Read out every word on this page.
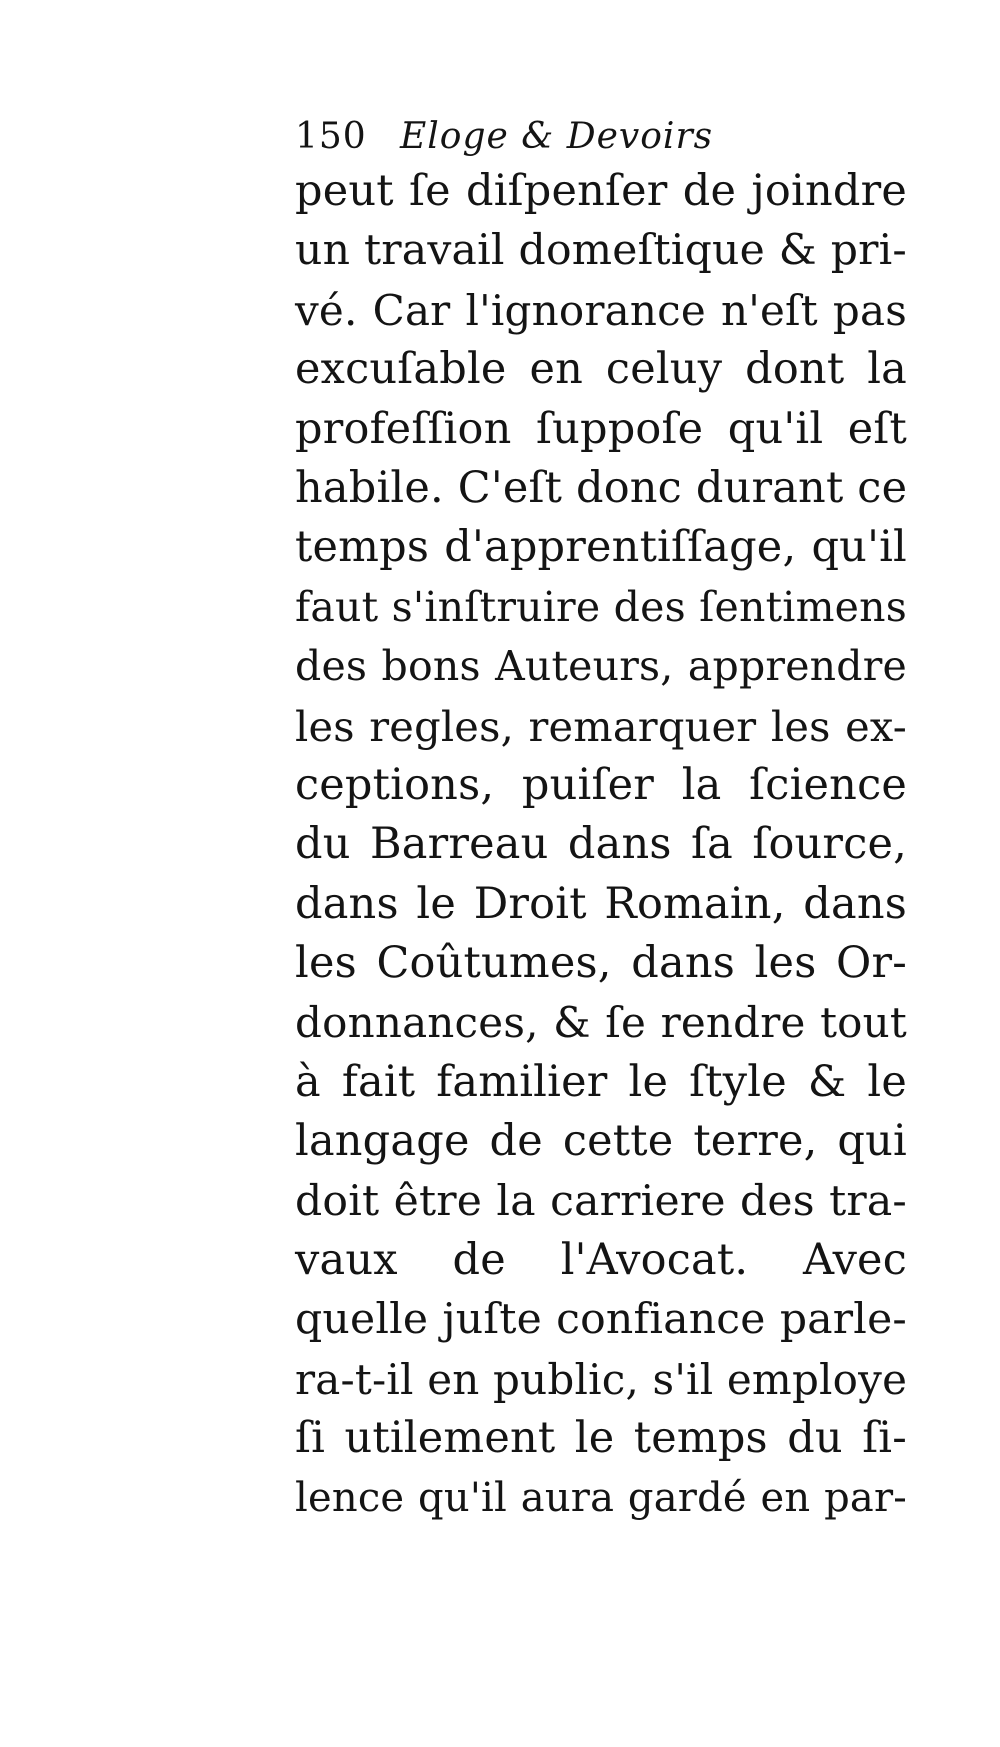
150 Eloge & Devoirs
peut ſe diſpenſer de joindre
un travail domeſtique & pri-
vé. Car l'ignorance n'eſt pas
excuſable en celuy dont la
profeſſion ſuppoſe qu'il eſt
habile. C'eſt donc durant ce
temps d'apprentiſſage, qu'il
faut s'inſtruire des ſentimens
des bons Auteurs, apprendre
les regles, remarquer les ex-
ceptions, puiſer la ſcience
du Barreau dans ſa ſource,
dans le Droit Romain, dans
les Coûtumes, dans les Or-
donnances, & ſe rendre tout
à fait familier le ſtyle & le
langage de cette terre, qui
doit être la carriere des tra-
vaux de l'Avocat. Avec
quelle juſte confiance parle-
ra-t-il en public, s'il employe
ſi utilement le temps du ſi-
lence qu'il aura gardé en par-
